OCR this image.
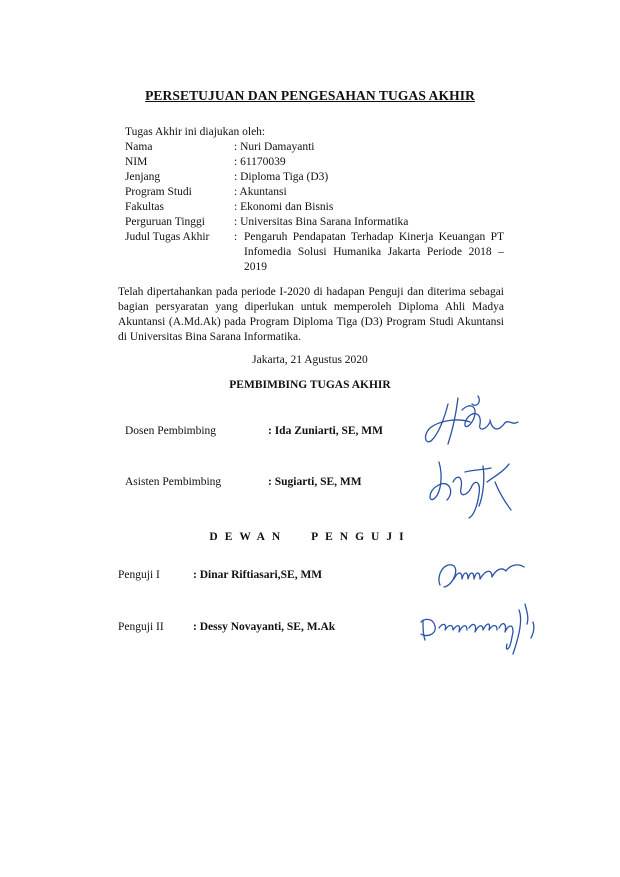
PERSETUJUAN DAN PENGESAHAN TUGAS AKHIR
Tugas Akhir ini diajukan oleh:
Nama	: Nuri Damayanti
NIM	: 61170039
Jenjang	: Diploma Tiga (D3)
Program Studi	: Akuntansi
Fakultas	: Ekonomi dan Bisnis
Perguruan Tinggi	: Universitas Bina Sarana Informatika
Judul Tugas Akhir	: Pengaruh Pendapatan Terhadap Kinerja Keuangan PT Infomedia Solusi Humanika Jakarta Periode 2018 – 2019
Telah dipertahankan pada periode I-2020 di hadapan Penguji dan diterima sebagai bagian persyaratan yang diperlukan untuk memperoleh Diploma Ahli Madya Akuntansi (A.Md.Ak) pada Program Diploma Tiga (D3) Program Studi Akuntansi di Universitas Bina Sarana Informatika.
Jakarta, 21 Agustus 2020
PEMBIMBING TUGAS AKHIR
Dosen Pembimbing	: Ida Zuniarti, SE, MM
Asisten Pembimbing	: Sugiarti, SE, MM
DEWAN PENGUJI
Penguji I	: Dinar Riftiasari,SE, MM
Penguji II	: Dessy Novayanti, SE, M.Ak
